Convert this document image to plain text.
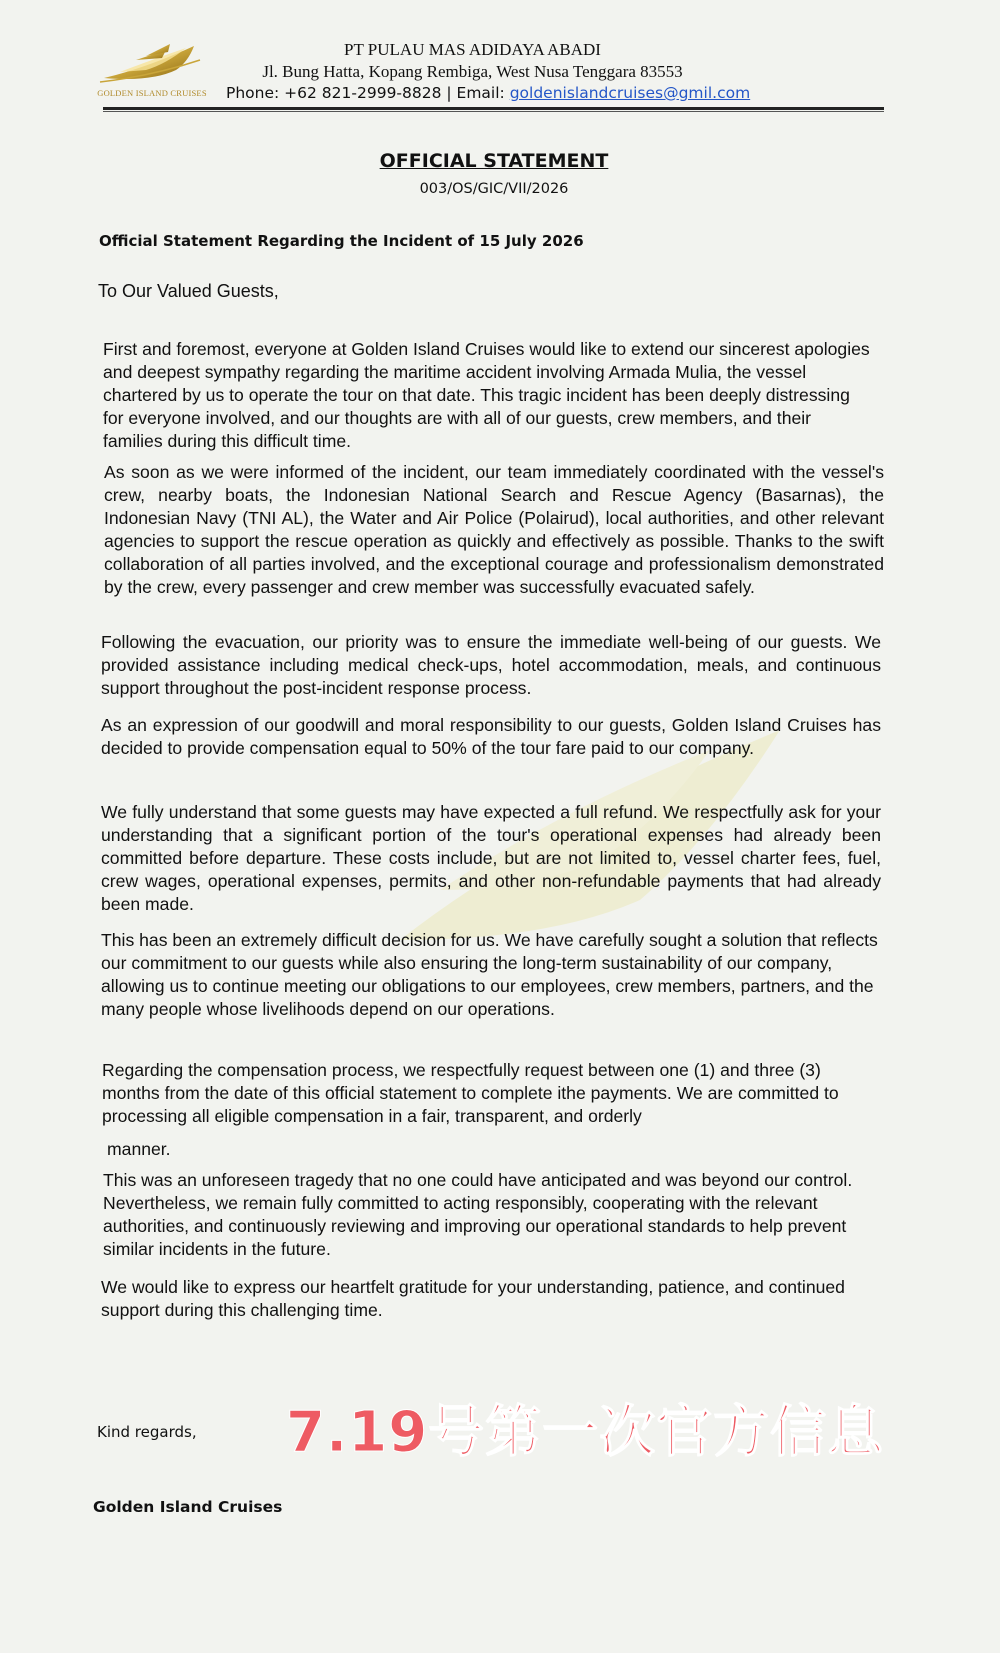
GOLDEN ISLAND CRUISES
PT PULAU MAS ADIDAYA ABADI
Jl. Bung Hatta, Kopang Rembiga, West Nusa Tenggara 83553
Phone: +62 821-2999-8828 | Email: goldenislandcruises@gmil.com
OFFICIAL STATEMENT
003/OS/GIC/VII/2026
Official Statement Regarding the Incident of 15 July 2026
To Our Valued Guests,

First and foremost, everyone at Golden Island Cruises would like to extend our sincerest apologies and deepest sympathy regarding the maritime accident involving Armada Mulia, the vessel chartered by us to operate the tour on that date. This tragic incident has been deeply distressing for everyone involved, and our thoughts are with all of our guests, crew members, and their families during this difficult time.

As soon as we were informed of the incident, our team immediately coordinated with the vessel's crew, nearby boats, the Indonesian National Search and Rescue Agency (Basarnas), the Indonesian Navy (TNI AL), the Water and Air Police (Polairud), local authorities, and other relevant agencies to support the rescue operation as quickly and effectively as possible. Thanks to the swift collaboration of all parties involved, and the exceptional courage and professionalism demonstrated by the crew, every passenger and crew member was successfully evacuated safely.

Following the evacuation, our priority was to ensure the immediate well-being of our guests. We provided assistance including medical check-ups, hotel accommodation, meals, and continuous support throughout the post-incident response process.

As an expression of our goodwill and moral responsibility to our guests, Golden Island Cruises has decided to provide compensation equal to 50% of the tour fare paid to our company.

We fully understand that some guests may have expected a full refund. We respectfully ask for your understanding that a significant portion of the tour's operational expenses had already been committed before departure. These costs include, but are not limited to, vessel charter fees, fuel, crew wages, operational expenses, permits, and other non-refundable payments that had already been made.

This has been an extremely difficult decision for us. We have carefully sought a solution that reflects our commitment to our guests while also ensuring the long-term sustainability of our company, allowing us to continue meeting our obligations to our employees, crew members, partners, and the many people whose livelihoods depend on our operations.

Regarding the compensation process, we respectfully request between one (1) and three (3) months from the date of this official statement to complete ithe payments. We are committed to processing all eligible compensation in a fair, transparent, and orderly

manner.

This was an unforeseen tragedy that no one could have anticipated and was beyond our control. Nevertheless, we remain fully committed to acting responsibly, cooperating with the relevant authorities, and continuously reviewing and improving our operational standards to help prevent similar incidents in the future.

We would like to express our heartfelt gratitude for your understanding, patience, and continued support during this challenging time.

Kind regards,
Golden Island Cruises
7.19号第一次官方信息
